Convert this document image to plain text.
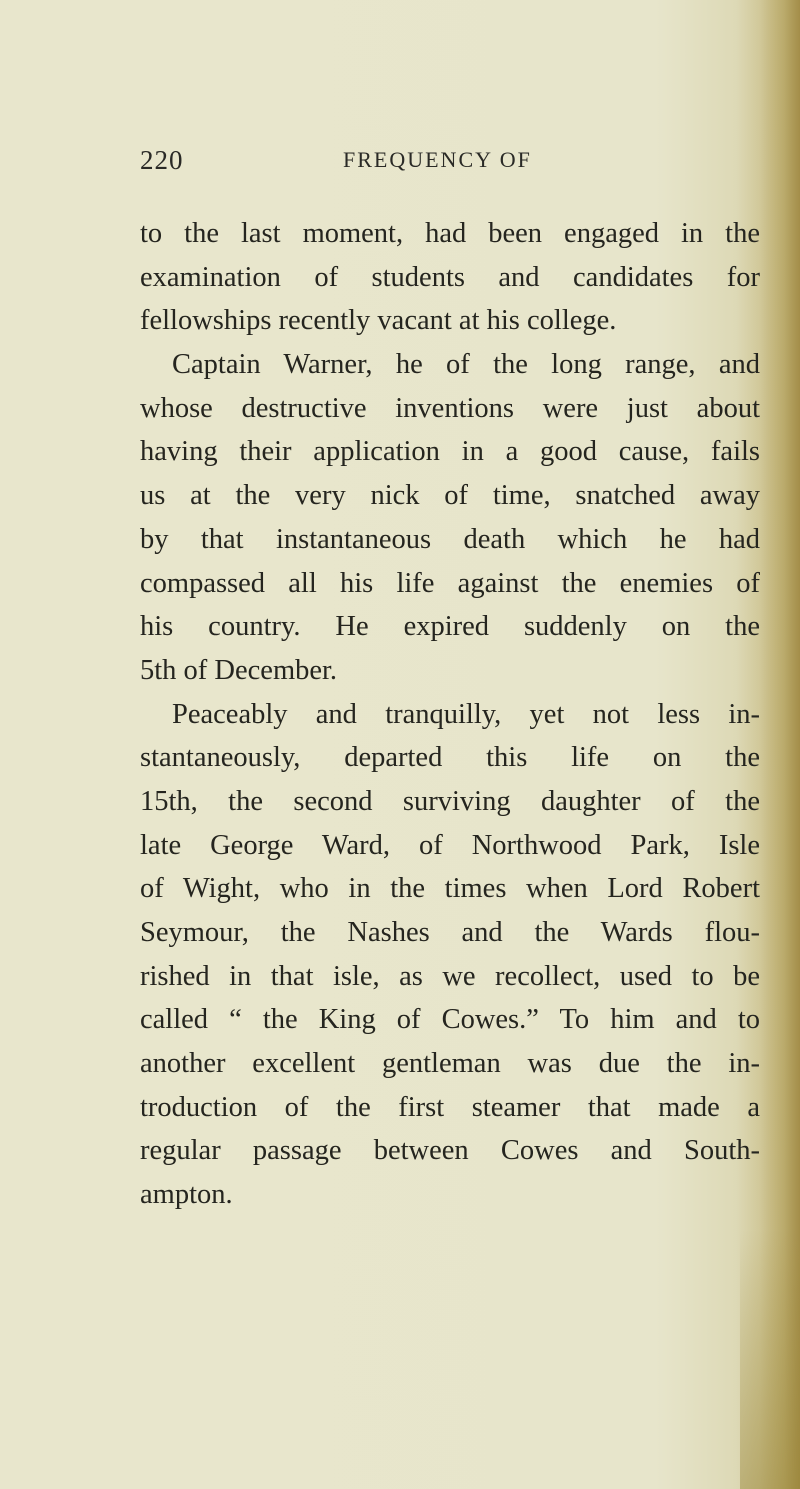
220	FREQUENCY OF
to the last moment, had been engaged in the
examination of students and candidates for
fellowships recently vacant at his college.
Captain Warner, he of the long range, and
whose destructive inventions were just about
having their application in a good cause, fails
us at the very nick of time, snatched away
by that instantaneous death which he had
compassed all his life against the enemies of
his country. He expired suddenly on the
5th of December.
Peaceably and tranquilly, yet not less in-
stantaneously, departed this life on the
15th, the second surviving daughter of the
late George Ward, of Northwood Park, Isle
of Wight, who in the times when Lord Robert
Seymour, the Nashes and the Wards flou-
rished in that isle, as we recollect, used to be
called “ the King of Cowes.” To him and to
another excellent gentleman was due the in-
troduction of the first steamer that made a
regular passage between Cowes and South-
ampton.
